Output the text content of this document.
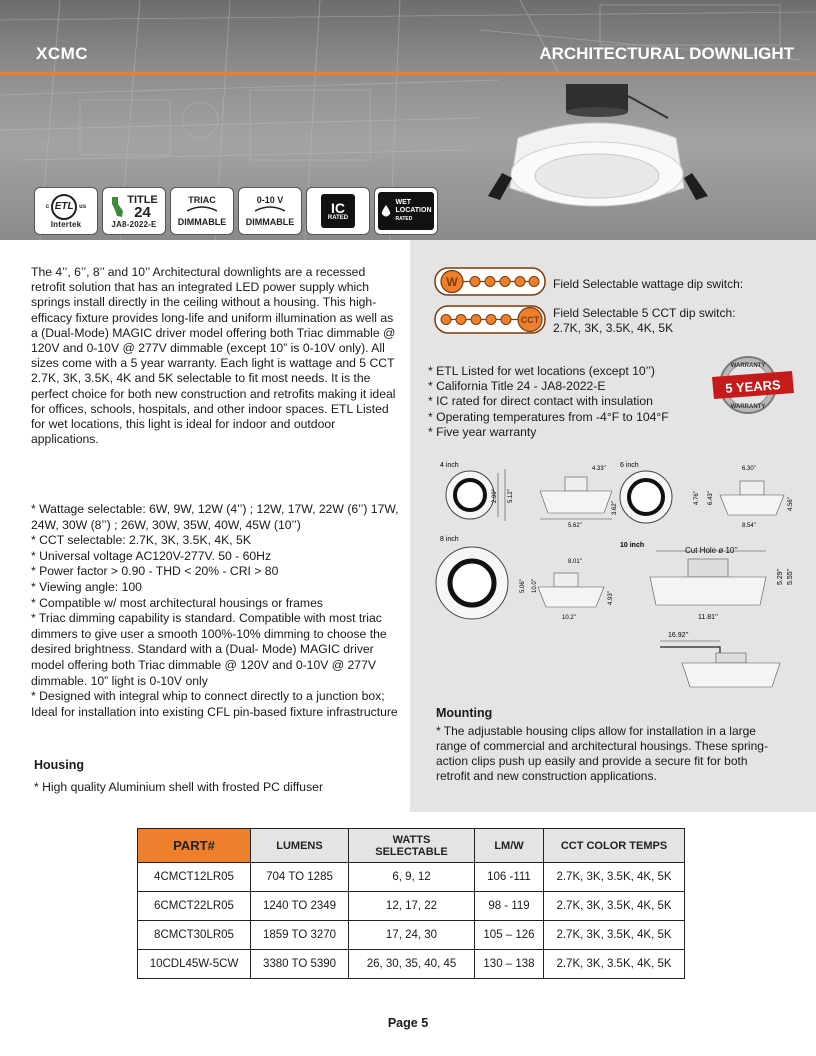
XCMC	ARCHITECTURAL DOWNLIGHT
c ETL us
Intertek
TITLE
24
JA8-2022-E
TRIAC
DIMMABLE
0-10 V
DIMMABLE
IC
RATED
WET
LOCATION
RATED
The 4’’, 6’’, 8’’ and 10’’ Architectural downlights are a recessed retrofit solution that has an integrated LED power supply which springs install directly in the ceiling without a housing. This high-efficacy fixture provides long-life and uniform illumination as well as a (Dual-Mode) MAGIC driver model offering both Triac dimmable @ 120V and 0-10V @ 277V dimmable (except 10” is 0-10V only). All sizes come with a 5 year warranty. Each light is wattage and 5 CCT 2.7K, 3K, 3.5K, 4K and 5K selectable to fit most needs. It is the perfect choice for both new construction and retrofits making it ideal for offices, schools, hospitals, and other indoor spaces. ETL Listed for wet locations, this light is ideal for indoor and outdoor applications.

* Wattage selectable: 6W, 9W, 12W (4’’) ; 12W, 17W, 22W (6’’) 17W, 24W, 30W (8’’) ; 26W, 30W, 35W, 40W, 45W (10’’)

* CCT selectable: 2.7K, 3K, 3.5K, 4K, 5K

* Universal voltage AC120V-277V. 50 - 60Hz

* Power factor > 0.90 - THD < 20% - CRI > 80

* Viewing angle: 100

* Compatible w/ most architectural housings or frames

* Triac dimming capability is standard. Compatible with most triac dimmers to give user a smooth 100%-10% dimming to choose the desired brightness. Standard with a (Dual- Mode) MAGIC driver model offering both Triac dimmable @ 120V and 0-10V @ 277V dimmable. 10” light is 0-10V only

* Designed with integral whip to connect directly to a junction box; Ideal for installation into existing CFL pin-based fixture infrastructure

Housing
* High quality Aluminium shell with frosted PC diffuser
W
CCT
Field Selectable wattage dip switch:
Field Selectable 5 CCT dip switch:
2.7K, 3K, 3.5K, 4K, 5K
* ETL Listed for wet locations (except 10’’)
* California Title 24 - JA8-2022-E
* IC rated for direct contact with insulation
* Operating temperatures from -4°F to 104°F
* Five year warranty
WARRANTY
5 YEARS
WARRANTY
4 inch
2.99’’ 5.12’’
4.33’’
3.62’’
5.62’’
6 inch
4.76’’ 6.43’’
6.30’’
4.56’’
8.54’’
8 inch
5.06’’ 10.0’’
8.01’’
4.93’’
10.2’’
10 inch
Cut Hole ø 10’’
5.29’’ 5.55’’
11.81’’
16.92’’
Mounting
* The adjustable housing clips allow for installation in a large range of commercial and architectural housings. These spring-action clips push up easily and provide a secure fit for both retrofit and new construction applications.
PART#	LUMENS	WATTS
SELECTABLE	LM/W	CCT COLOR TEMPS
4CMCT12LR05	704 TO 1285	6, 9, 12	106 -111	2.7K, 3K, 3.5K, 4K, 5K
6CMCT22LR05	1240 TO 2349	12, 17, 22	98 - 119	2.7K, 3K, 3.5K, 4K, 5K
8CMCT30LR05	1859 TO 3270	17, 24, 30	105 – 126	2.7K, 3K, 3.5K, 4K, 5K
10CDL45W-5CW	3380 TO 5390	26, 30, 35, 40, 45	130 – 138	2.7K, 3K, 3.5K, 4K, 5K
Page 5
